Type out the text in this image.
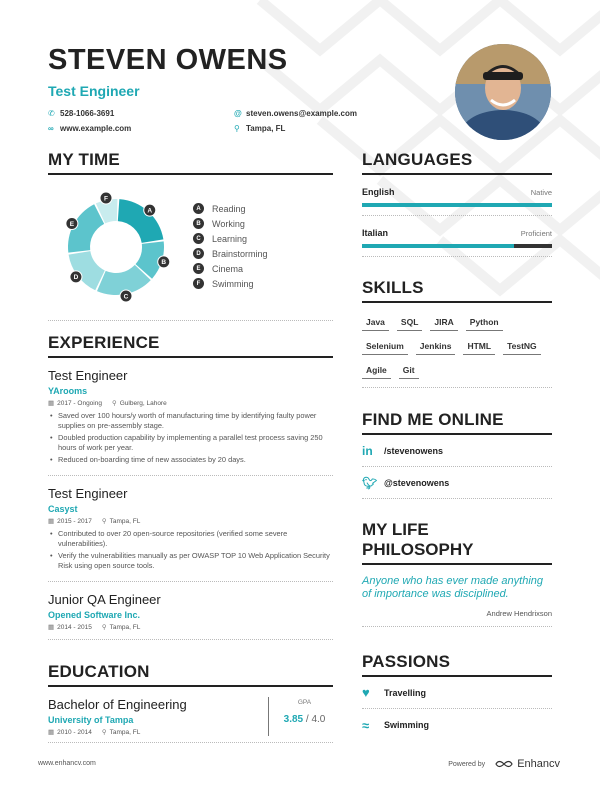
STEVEN OWENS
Test Engineer
✆ 528-1066-3691	@ steven.owens@example.com
∞ www.example.com	⚲ Tampa, FL
MY TIME
A
B
C
D
E
F
A	Reading
B	Working
C	Learning
D	Brainstorming
E	Cinema
F	Swimming
EXPERIENCE
Test Engineer
YArooms
▦ 2017 - Ongoing ⚲ Gulberg, Lahore
• Saved over 100 hours/y worth of manufacturing time by identifying faulty power supplies on pre-assembly stage.
• Doubled production capability by implementing a parallel test process saving 250 hours of work per year.
• Reduced on-boarding time of new associates by 20 days.
Test Engineer
Casyst
▦ 2015 - 2017 ⚲ Tampa, FL
• Contributed to over 20 open-source repositories (verified some severe vulnerabilities).
• Verify the vulnerabilities manually as per OWASP TOP 10 Web Application Security Risk using open source tools.
Junior QA Engineer
Opened Software Inc.
▦ 2014 - 2015 ⚲ Tampa, FL
EDUCATION
Bachelor of Engineering
University of Tampa
▦ 2010 - 2014 ⚲ Tampa, FL
GPA
3.85 / 4.0
LANGUAGES
English	Native
Italian	Proficient
SKILLS
Java	SQL	JIRA	Python
Selenium	Jenkins	HTML	TestNG
Agile	Git
FIND ME ONLINE
in	/stevenowens
🐦︎ @stevenowens
MY LIFE
PHILOSOPHY
Anyone who has ever made anything of importance was disciplined.
Andrew Hendrixson
PASSIONS
♥	Travelling
≈	Swimming
www.enhancv.com	Powered by	Enhancv
